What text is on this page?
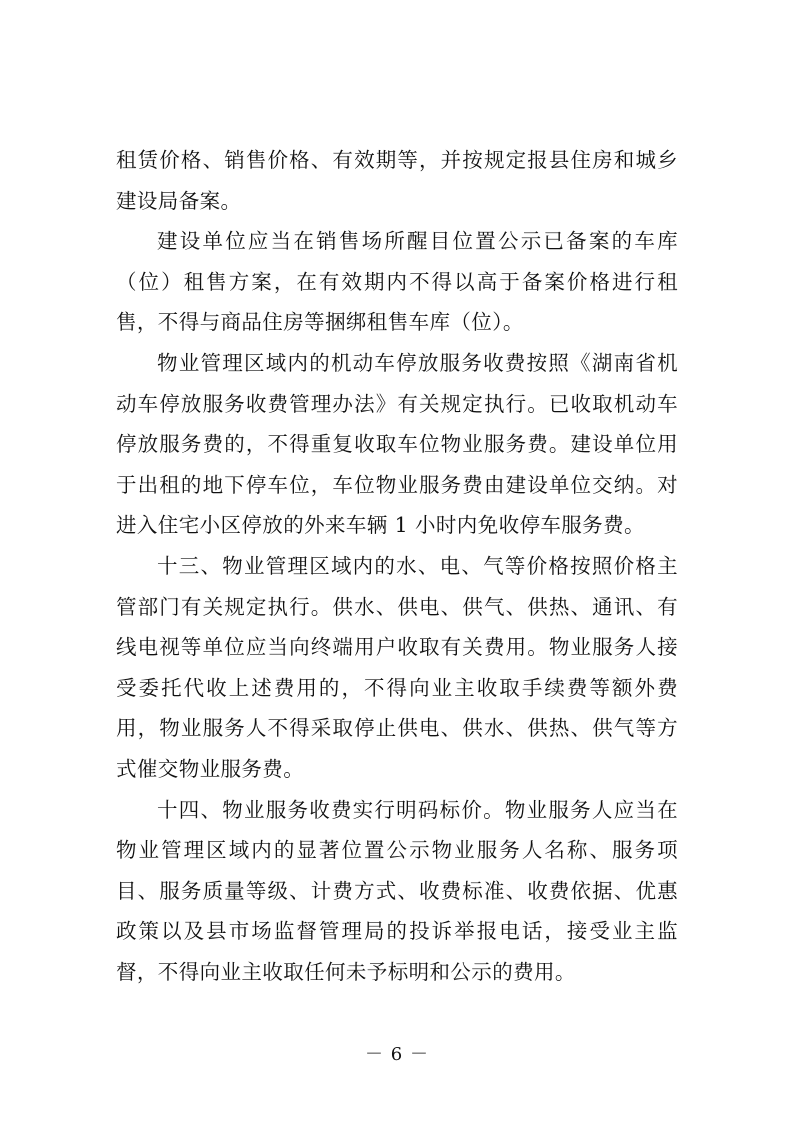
租赁价格、销售价格、有效期等，并按规定报县住房和城乡建设局备案。

建设单位应当在销售场所醒目位置公示已备案的车库（位）租售方案，在有效期内不得以高于备案价格进行租售，不得与商品住房等捆绑租售车库（位）。

物业管理区域内的机动车停放服务收费按照《湖南省机动车停放服务收费管理办法》有关规定执行。已收取机动车停放服务费的，不得重复收取车位物业服务费。建设单位用于出租的地下停车位，车位物业服务费由建设单位交纳。对进入住宅小区停放的外来车辆 1 小时内免收停车服务费。

十三、物业管理区域内的水、电、气等价格按照价格主管部门有关规定执行。供水、供电、供气、供热、通讯、有线电视等单位应当向终端用户收取有关费用。物业服务人接受委托代收上述费用的，不得向业主收取手续费等额外费用，物业服务人不得采取停止供电、供水、供热、供气等方式催交物业服务费。

十四、物业服务收费实行明码标价。物业服务人应当在物业管理区域内的显著位置公示物业服务人名称、服务项目、服务质量等级、计费方式、收费标准、收费依据、优惠政策以及县市场监督管理局的投诉举报电话，接受业主监督，不得向业主收取任何未予标明和公示的费用。

－ 6 －
